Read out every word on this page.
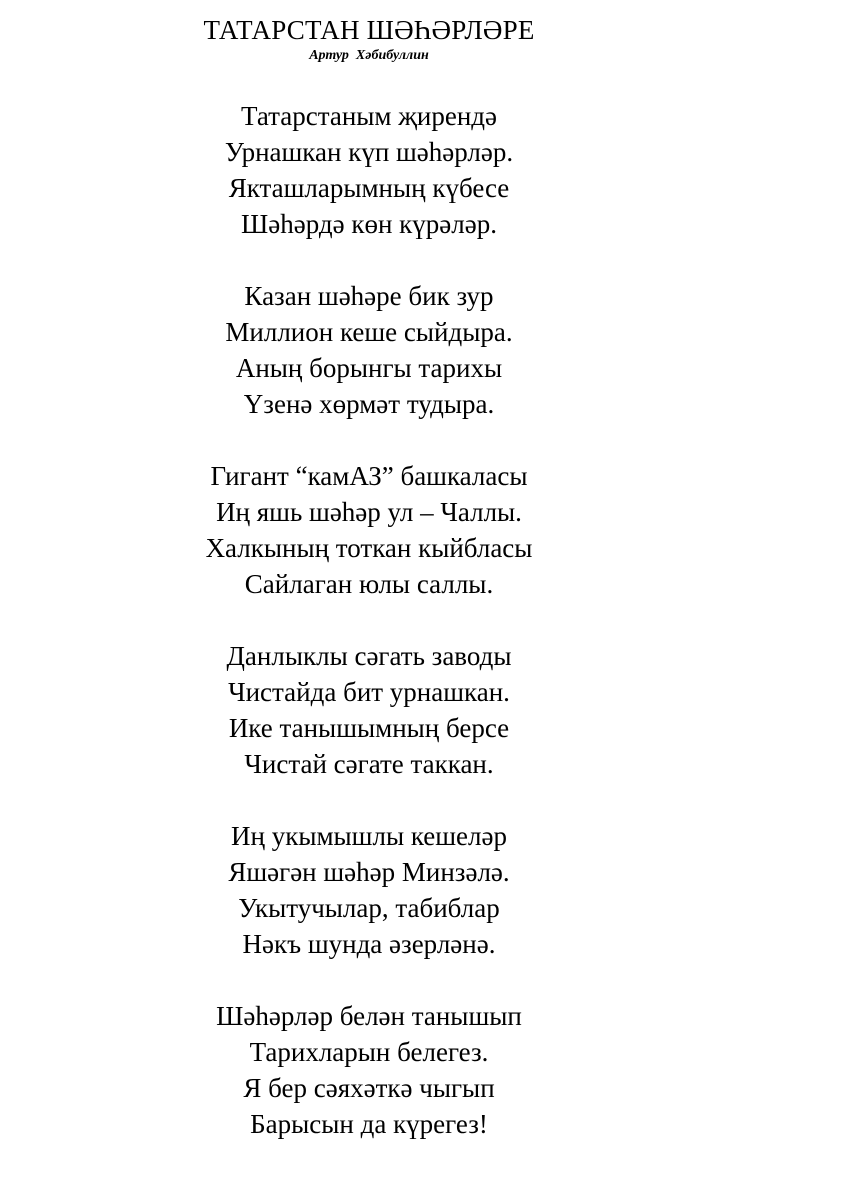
ТАТАРСТАН ШӘҺӘРЛӘРЕ
Артур  Хәбибуллин
Татарстаным җирендә
Урнашкан күп шәһәрләр.
Якташларымның күбесе
Шәһәрдә көн күрәләр.
Казан шәһәре бик зур
Миллион кеше сыйдыра.
Аның борынгы тарихы
Үзенә хөрмәт тудыра.
Гигант “камАЗ” башкаласы
Иң яшь шәһәр ул – Чаллы.
Халкының тоткан кыйбласы
Сайлаган юлы саллы.
Данлыклы сәгать заводы
Чистайда бит урнашкан.
Ике танышымның берсе
Чистай сәгате таккан.
Иң укымышлы кешеләр
Яшәгән шәһәр Минзәлә.
Укытучылар, табиблар
Нәкъ шунда әзерләнә.
Шәһәрләр белән танышып
Тарихларын белегез.
Я бер сәяхәткә чыгып
Барысын да күрегез!
